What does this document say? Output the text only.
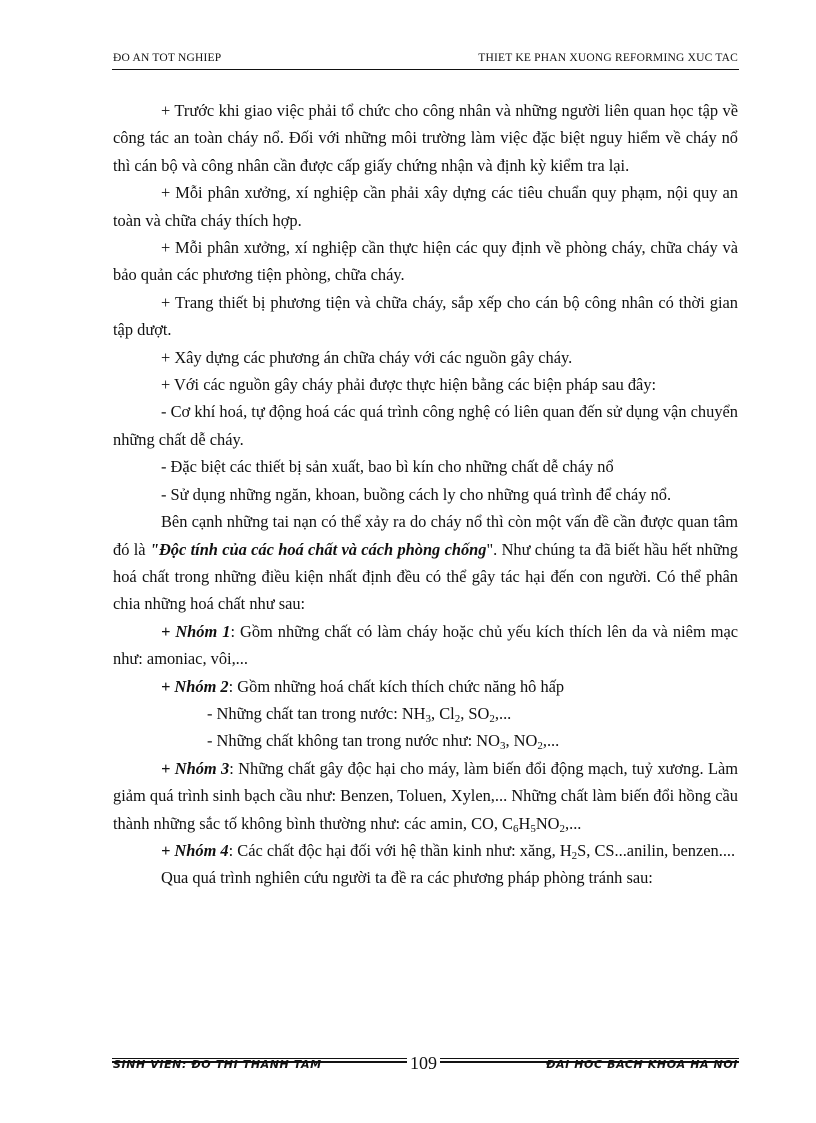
ĐO AN TOT NGHIEP	THIET KE PHAN XUONG REFORMING XUC TAC

+ Trước khi giao việc phải tổ chức cho công nhân và những người liên quan học tập về công tác an toàn cháy nổ. Đối với những môi trường làm việc đặc biệt nguy hiểm về cháy nổ thì cán bộ và công nhân cần được cấp giấy chứng nhận và định kỳ kiểm tra lại.

+ Mỗi phân xưởng, xí nghiệp cần phải xây dựng các tiêu chuẩn quy phạm, nội quy an toàn và chữa cháy thích hợp.

+ Mỗi phân xưởng, xí nghiệp cần thực hiện các quy định về phòng cháy, chữa cháy và bảo quản các phương tiện phòng, chữa cháy.

+ Trang thiết bị phương tiện và chữa cháy, sắp xếp cho cán bộ công nhân có thời gian tập dượt.

+ Xây dựng các phương án chữa cháy với các nguồn gây cháy.

+ Với các nguồn gây cháy phải được thực hiện bằng các biện pháp sau đây:

- Cơ khí hoá, tự động hoá các quá trình công nghệ có liên quan đến sử dụng vận chuyển những chất dễ cháy.

- Đặc biệt các thiết bị sản xuất, bao bì kín cho những chất dễ cháy nổ

- Sử dụng những ngăn, khoan, buồng cách ly cho những quá trình để cháy nổ.

Bên cạnh những tai nạn có thể xảy ra do cháy nổ thì còn một vấn đề cần được quan tâm đó là "Độc tính của các hoá chất và cách phòng chống". Như chúng ta đã biết hầu hết những hoá chất trong những điều kiện nhất định đều có thể gây tác hại đến con người. Có thể phân chia những hoá chất như sau:

+ Nhóm 1: Gồm những chất có làm cháy hoặc chủ yếu kích thích lên da và niêm mạc như: amoniac, vôi,...

+ Nhóm 2: Gồm những hoá chất kích thích chức năng hô hấp

- Những chất tan trong nước: $NH_3$, $Cl_2$, $SO_2$,...

- Những chất không tan trong nước như: $NO_3$, $NO_2$,...

+ Nhóm 3: Những chất gây độc hại cho máy, làm biến đổi động mạch, tuỷ xương. Làm giảm quá trình sinh bạch cầu như: Benzen, Toluen, Xylen,... Những chất làm biến đổi hồng cầu thành những sắc tố không bình thường như: các amin, CO, $C_6H_5NO_2$,...

+ Nhóm 4: Các chất độc hại đối với hệ thần kinh như: xăng, $H_2S$, CS...anilin, benzen....

Qua quá trình nghiên cứu người ta đề ra các phương pháp phòng tránh sau:

SINH VIEN: ĐO THI THANH TAM	109	ĐAI HOC BACH KHOA HA NOI
